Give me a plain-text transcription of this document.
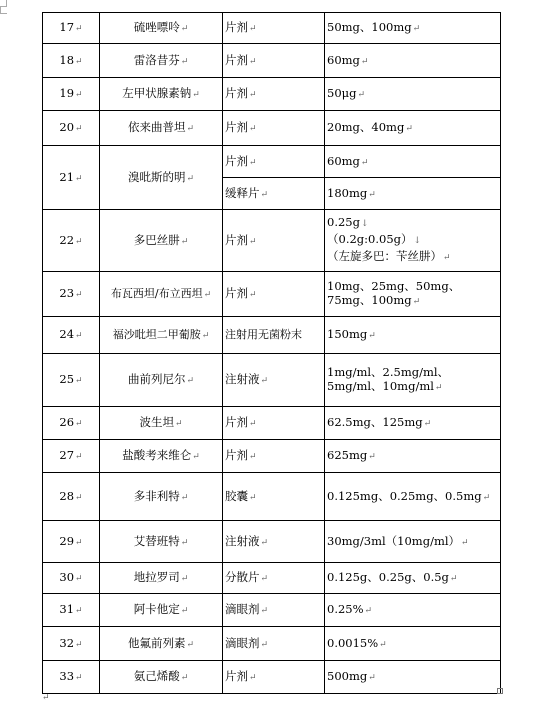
17↵	硫唑嘌呤↵	片剂↵	50mg、100mg↵
18↵	雷洛昔芬↵	片剂↵	60mg↵
19↵	左甲状腺素钠↵	片剂↵	50μg↵
20↵	依来曲普坦↵	片剂↵	20mg、40mg↵
21↵	溴吡斯的明↵	片剂↵	60mg↵
		缓释片↵	180mg↵
22↵	多巴丝肼↵	片剂↵	0.25g↓
（0.2g:0.05g）↓
（左旋多巴：苄丝肼）↵
23↵	布瓦西坦/布立西坦↵	片剂↵	10mg、25mg、50mg、75mg、100mg↵
24↵	福沙吡坦二甲葡胺↵	注射用无菌粉末	150mg↵
25↵	曲前列尼尔↵	注射液↵	1mg/ml、2.5mg/ml、5mg/ml、10mg/ml↵
26↵	波生坦↵	片剂↵	62.5mg、125mg↵
27↵	盐酸考来维仑↵	片剂↵	625mg↵
28↵	多非利特↵	胶囊↵	0.125mg、0.25mg、0.5mg↵
29↵	艾替班特↵	注射液↵	30mg/3ml（10mg/ml）↵
30↵	地拉罗司↵	分散片↵	0.125g、0.25g、0.5g↵
31↵	阿卡他定↵	滴眼剂↵	0.25%↵
32↵	他氟前列素↵	滴眼剂↵	0.0015%↵
33↵	氨己烯酸↵	片剂↵	500mg↵
↵
